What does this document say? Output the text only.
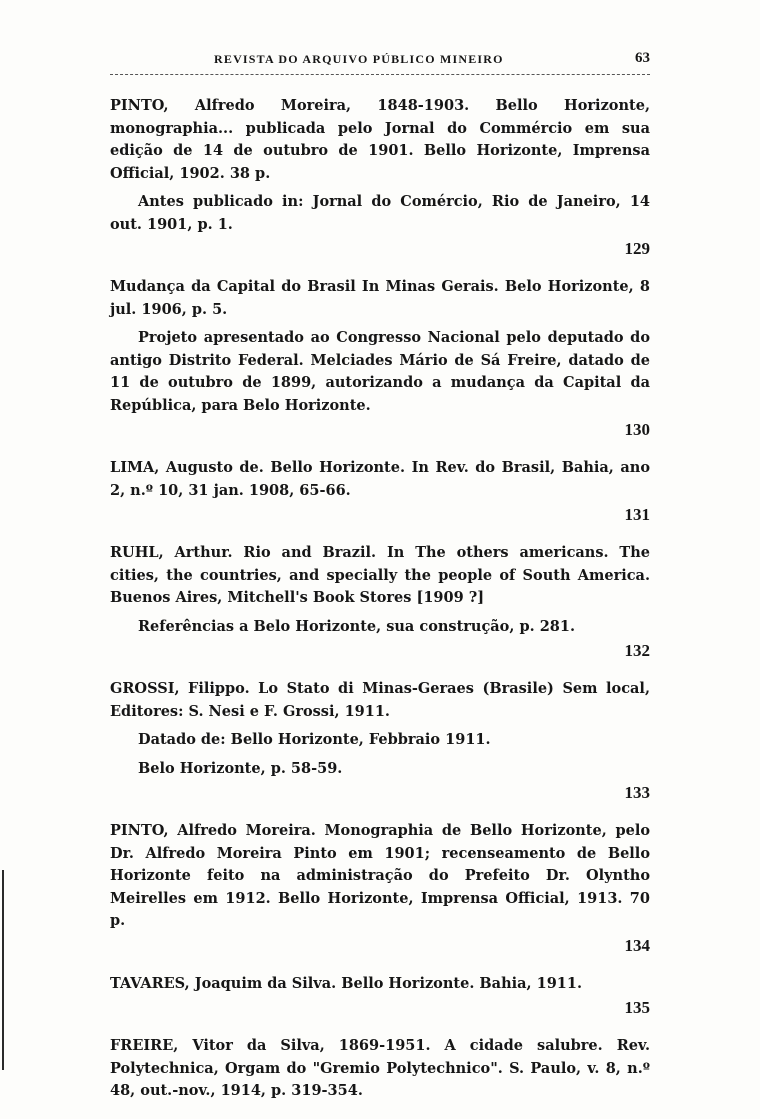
REVISTA DO ARQUIVO PÚBLICO MINEIRO	63

PINTO, Alfredo Moreira, 1848-1903. Bello Horizonte, monographia... publicada pelo Jornal do Commércio em sua edição de 14 de outubro de 1901. Bello Horizonte, Imprensa Official, 1902. 38 p.

Antes publicado in: Jornal do Comércio, Rio de Janeiro, 14 out. 1901, p. 1.

129

Mudança da Capital do Brasil In Minas Gerais. Belo Horizonte, 8 jul. 1906, p. 5.

Projeto apresentado ao Congresso Nacional pelo deputado do antigo Distrito Federal. Melciades Mário de Sá Freire, datado de 11 de outubro de 1899, autorizando a mudança da Capital da República, para Belo Horizonte.

130

LIMA, Augusto de. Bello Horizonte. In Rev. do Brasil, Bahia, ano 2, n.º 10, 31 jan. 1908, 65-66.

131

RUHL, Arthur. Rio and Brazil. In The others americans. The cities, the countries, and specially the people of South America. Buenos Aires, Mitchell's Book Stores [1909 ?]

Referências a Belo Horizonte, sua construção, p. 281.

132

GROSSI, Filippo. Lo Stato di Minas-Geraes (Brasile) Sem local, Editores: S. Nesi e F. Grossi, 1911.

Datado de: Bello Horizonte, Febbraio 1911.

Belo Horizonte, p. 58-59.

133

PINTO, Alfredo Moreira. Monographia de Bello Horizonte, pelo Dr. Alfredo Moreira Pinto em 1901; recenseamento de Bello Horizonte feito na administração do Prefeito Dr. Olyntho Meirelles em 1912. Bello Horizonte, Imprensa Official, 1913. 70 p.

134

TAVARES, Joaquim da Silva. Bello Horizonte. Bahia, 1911.

135

FREIRE, Vitor da Silva, 1869-1951. A cidade salubre. Rev. Polytechnica, Orgam do "Gremio Polytechnico". S. Paulo, v. 8, n.º 48, out.-nov., 1914, p. 319-354.
